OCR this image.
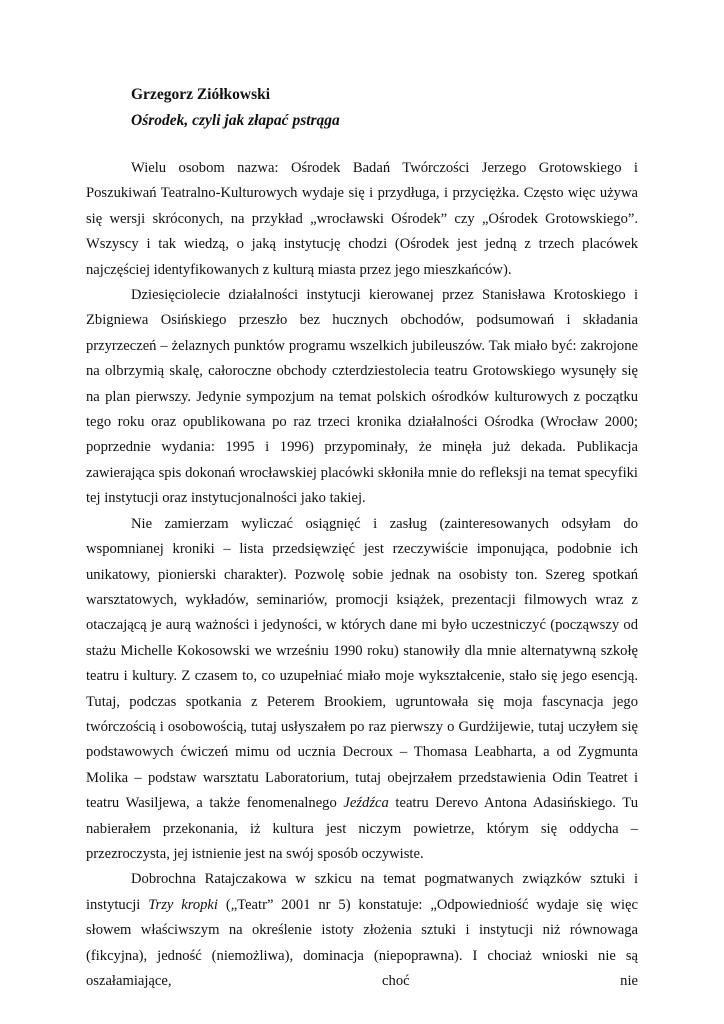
Grzegorz Ziółkowski

Ośrodek, czyli jak złapać pstrąga

Wielu osobom nazwa: Ośrodek Badań Twórczości Jerzego Grotowskiego i Poszukiwań Teatralno-Kulturowych wydaje się i przydługa, i przyciężka. Często więc używa się wersji skróconych, na przykład „wrocławski Ośrodek” czy „Ośrodek Grotowskiego”. Wszyscy i tak wiedzą, o jaką instytucję chodzi (Ośrodek jest jedną z trzech placówek najczęściej identyfikowanych z kulturą miasta przez jego mieszkańców).

Dziesięciolecie działalności instytucji kierowanej przez Stanisława Krotoskiego i Zbigniewa Osińskiego przeszło bez hucznych obchodów, podsumowań i składania przyrzeczeń – żelaznych punktów programu wszelkich jubileuszów. Tak miało być: zakrojone na olbrzymią skalę, całoroczne obchody czterdziestolecia teatru Grotowskiego wysunęły się na plan pierwszy. Jedynie sympozjum na temat polskich ośrodków kulturowych z początku tego roku oraz opublikowana po raz trzeci kronika działalności Ośrodka (Wrocław 2000; poprzednie wydania: 1995 i 1996) przypominały, że minęła już dekada. Publikacja zawierająca spis dokonań wrocławskiej placówki skłoniła mnie do refleksji na temat specyfiki tej instytucji oraz instytucjonalności jako takiej.

Nie zamierzam wyliczać osiągnięć i zasług (zainteresowanych odsyłam do wspomnianej kroniki – lista przedsięwzięć jest rzeczywiście imponująca, podobnie ich unikatowy, pionierski charakter). Pozwolę sobie jednak na osobisty ton. Szereg spotkań warsztatowych, wykładów, seminariów, promocji książek, prezentacji filmowych wraz z otaczającą je aurą ważności i jedyności, w których dane mi było uczestniczyć (począwszy od stażu Michelle Kokosowski we wrześniu 1990 roku) stanowiły dla mnie alternatywną szkołę teatru i kultury. Z czasem to, co uzupełniać miało moje wykształcenie, stało się jego esencją. Tutaj, podczas spotkania z Peterem Brookiem, ugruntowała się moja fascynacja jego twórczością i osobowością, tutaj usłyszałem po raz pierwszy o Gurdżijewie, tutaj uczyłem się podstawowych ćwiczeń mimu od ucznia Decroux – Thomasa Leabharta, a od Zygmunta Molika – podstaw warsztatu Laboratorium, tutaj obejrzałem przedstawienia Odin Teatret i teatru Wasiljewa, a także fenomenalnego Jeźdźca teatru Derevo Antona Adasińskiego. Tu nabierałem przekonania, iż kultura jest niczym powietrze, którym się oddycha – przezroczysta, jej istnienie jest na swój sposób oczywiste.

Dobrochna Ratajczakowa w szkicu na temat pogmatwanych związków sztuki i instytucji Trzy kropki („Teatr” 2001 nr 5) konstatuje: „Odpowiedniość wydaje się więc słowem właściwszym na określenie istoty złożenia sztuki i instytucji niż równowaga (fikcyjna), jedność (niemożliwa), dominacja (niepoprawna). I chociaż wnioski nie są oszałamiające, choć nie
